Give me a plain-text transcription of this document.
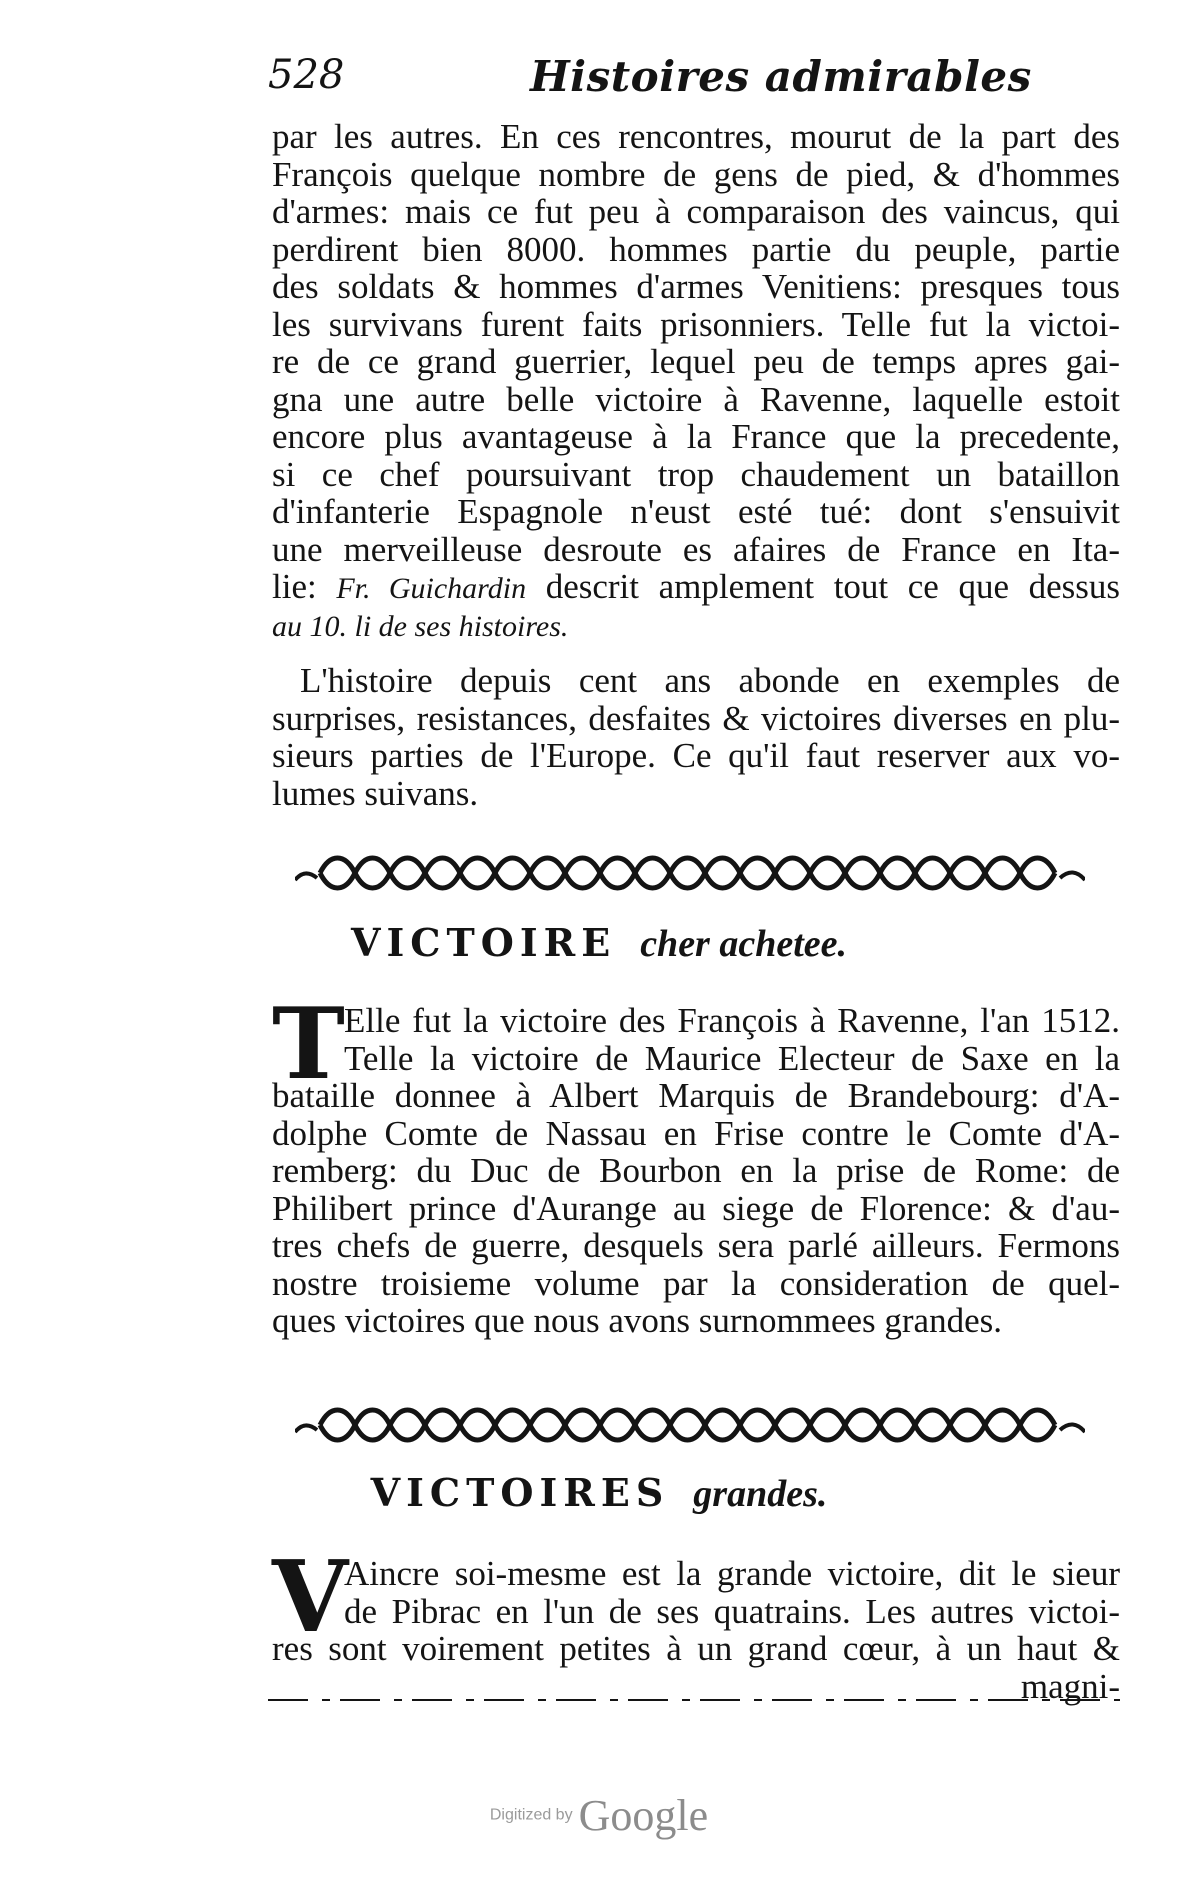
528	Histoires admirables
par les autres. En ces rencontres, mourut de la part des
François quelque nombre de gens de pied, & d'hommes
d'armes: mais ce fut peu à comparaison des vaincus, qui
perdirent bien 8000. hommes partie du peuple, partie
des soldats & hommes d'armes Venitiens: presques tous
les survivans furent faits prisonniers. Telle fut la victoi-
re de ce grand guerrier, lequel peu de temps apres gai-
gna une autre belle victoire à Ravenne, laquelle estoit
encore plus avantageuse à la France que la precedente,
si ce chef poursuivant trop chaudement un bataillon
d'infanterie Espagnole n'eust esté tué: dont s'ensuivit
une merveilleuse desroute es afaires de France en Ita-
lie: Fr. Guichardin descrit amplement tout ce que dessus
au 10. li de ses histoires.
L'histoire depuis cent ans abonde en exemples de
surprises, resistances, desfaites & victoires diverses en plu-
sieurs parties de l'Europe. Ce qu'il faut reserver aux vo-
lumes suivans.
VICTOIRE cher achetee.
T Elle fut la victoire des François à Ravenne, l'an 1512.
Telle la victoire de Maurice Electeur de Saxe en la
bataille donnee à Albert Marquis de Brandebourg: d'A-
dolphe Comte de Nassau en Frise contre le Comte d'A-
remberg: du Duc de Bourbon en la prise de Rome: de
Philibert prince d'Aurange au siege de Florence: & d'au-
tres chefs de guerre, desquels sera parlé ailleurs. Fermons
nostre troisieme volume par la consideration de quel-
ques victoires que nous avons surnommees grandes.
VICTOIRES grandes.
V
Aincre soi-mesme est la grande victoire, dit le sieur
de Pibrac en l'un de ses quatrains. Les autres victoi-
res sont voirement petites à un grand cœur, à un haut &
magni-
Digitized by Google
